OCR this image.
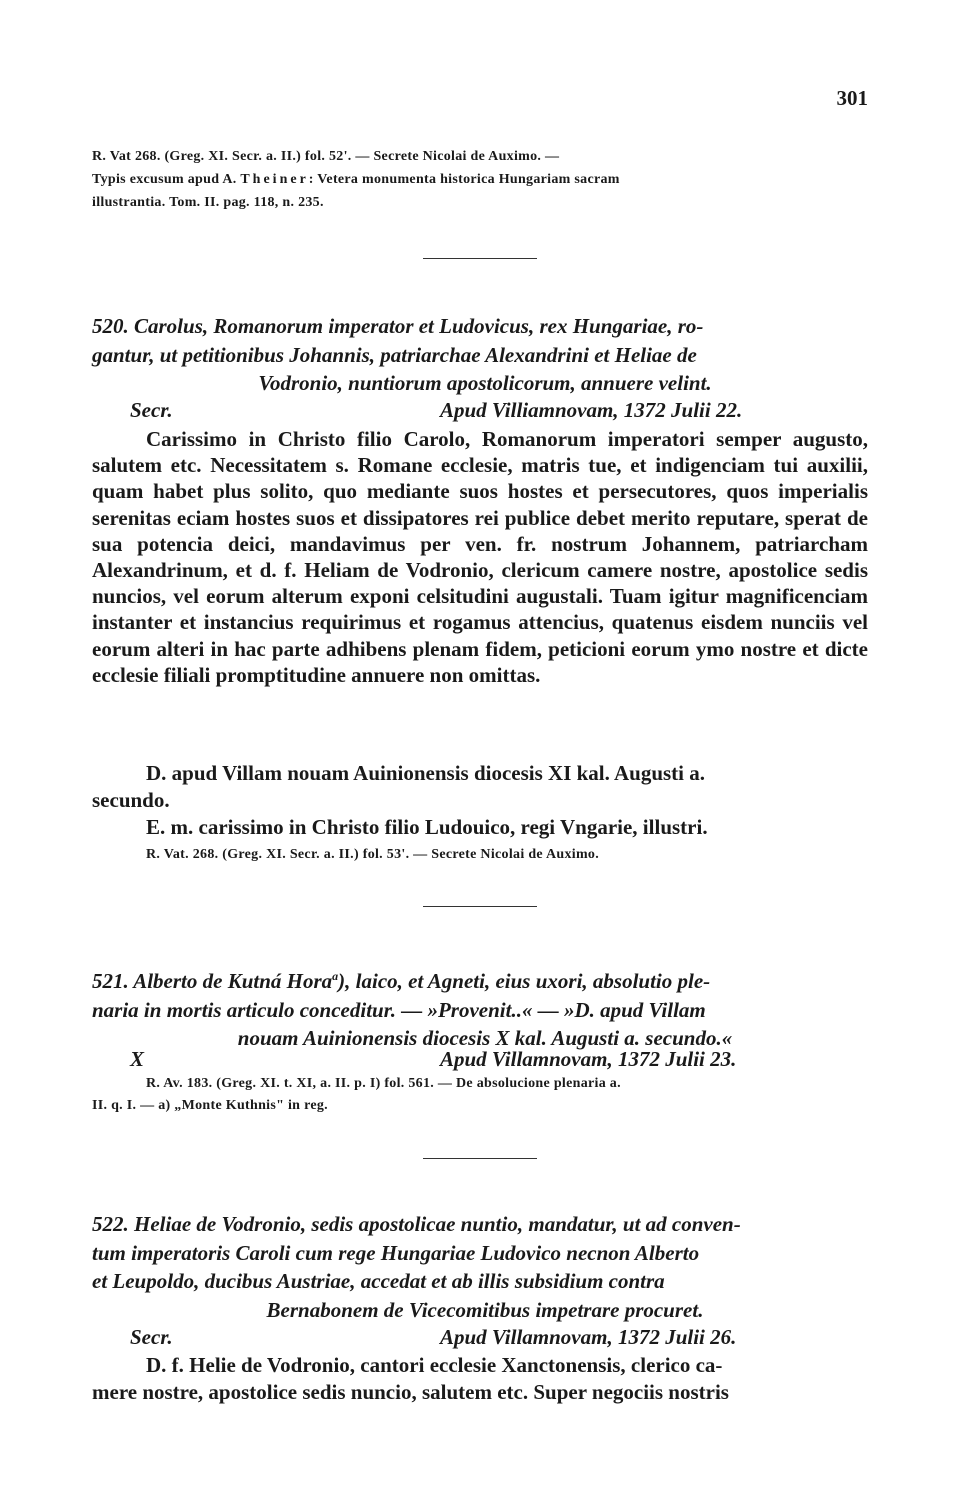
301
R. Vat 268. (Greg. XI. Secr. a. II.) fol. 52'. — Secrete Nicolai de Auximo. —
Typis excusum apud A. Theiner: Vetera monumenta historica Hungariam sacram
illustrantia. Tom. II. pag. 118, n. 235.
520. Carolus, Romanorum imperator et Ludovicus, rex Hungariae, ro-
gantur, ut petitionibus Johannis, patriarchae Alexandrini et Heliae de
Vodronio, nuntiorum apostolicorum, annuere velint.
Secr.	Apud Villiamnovam, 1372 Julii 22.
Carissimo in Christo filio Carolo, Romanorum imperatori semper augusto, salutem etc. Necessitatem s. Romane ecclesie, matris tue, et indigenciam tui auxilii, quam habet plus solito, quo mediante suos hostes et persecutores, quos imperialis serenitas eciam hostes suos et dissipatores rei publice debet merito reputare, sperat de sua potencia deici, mandavimus per ven. fr. nostrum Johannem, patriarcham Alexandrinum, et d. f. Heliam de Vodronio, clericum camere nostre, apostolice sedis nuncios, vel eorum alterum exponi celsitudini augustali. Tuam igitur magnificenciam instanter et instancius requirimus et rogamus attencius, quatenus eisdem nunciis vel eorum alteri in hac parte adhibens plenam fidem, peticioni eorum ymo nostre et dicte ecclesie filiali promptitudine annuere non omittas.
D. apud Villam nouam Auinionensis diocesis XI kal. Augusti a.
secundo.
E. m. carissimo in Christo filio Ludouico, regi Vngarie, illustri.
R. Vat. 268. (Greg. XI. Secr. a. II.) fol. 53'. — Secrete Nicolai de Auximo.
521. Alberto de Kutná Hora$^a$), laico, et Agneti, eius uxori, absolutio ple-
naria in mortis articulo conceditur. — »Provenit..« — »D. apud Villam
nouam Auinionensis diocesis X kal. Augusti a. secundo.«
X	Apud Villamnovam, 1372 Julii 23.
R. Av. 183. (Greg. XI. t. XI, a. II. p. I) fol. 561. — De absolucione plenaria a.
II. q. I. — a) „Monte Kuthnis" in reg.
522. Heliae de Vodronio, sedis apostolicae nuntio, mandatur, ut ad conven-
tum imperatoris Caroli cum rege Hungariae Ludovico necnon Alberto
et Leupoldo, ducibus Austriae, accedat et ab illis subsidium contra
Bernabonem de Vicecomitibus impetrare procuret.
Secr.	Apud Villamnovam, 1372 Julii 26.
D. f. Helie de Vodronio, cantori ecclesie Xanctonensis, clerico ca-
mere nostre, apostolice sedis nuncio, salutem etc. Super negociis nostris
